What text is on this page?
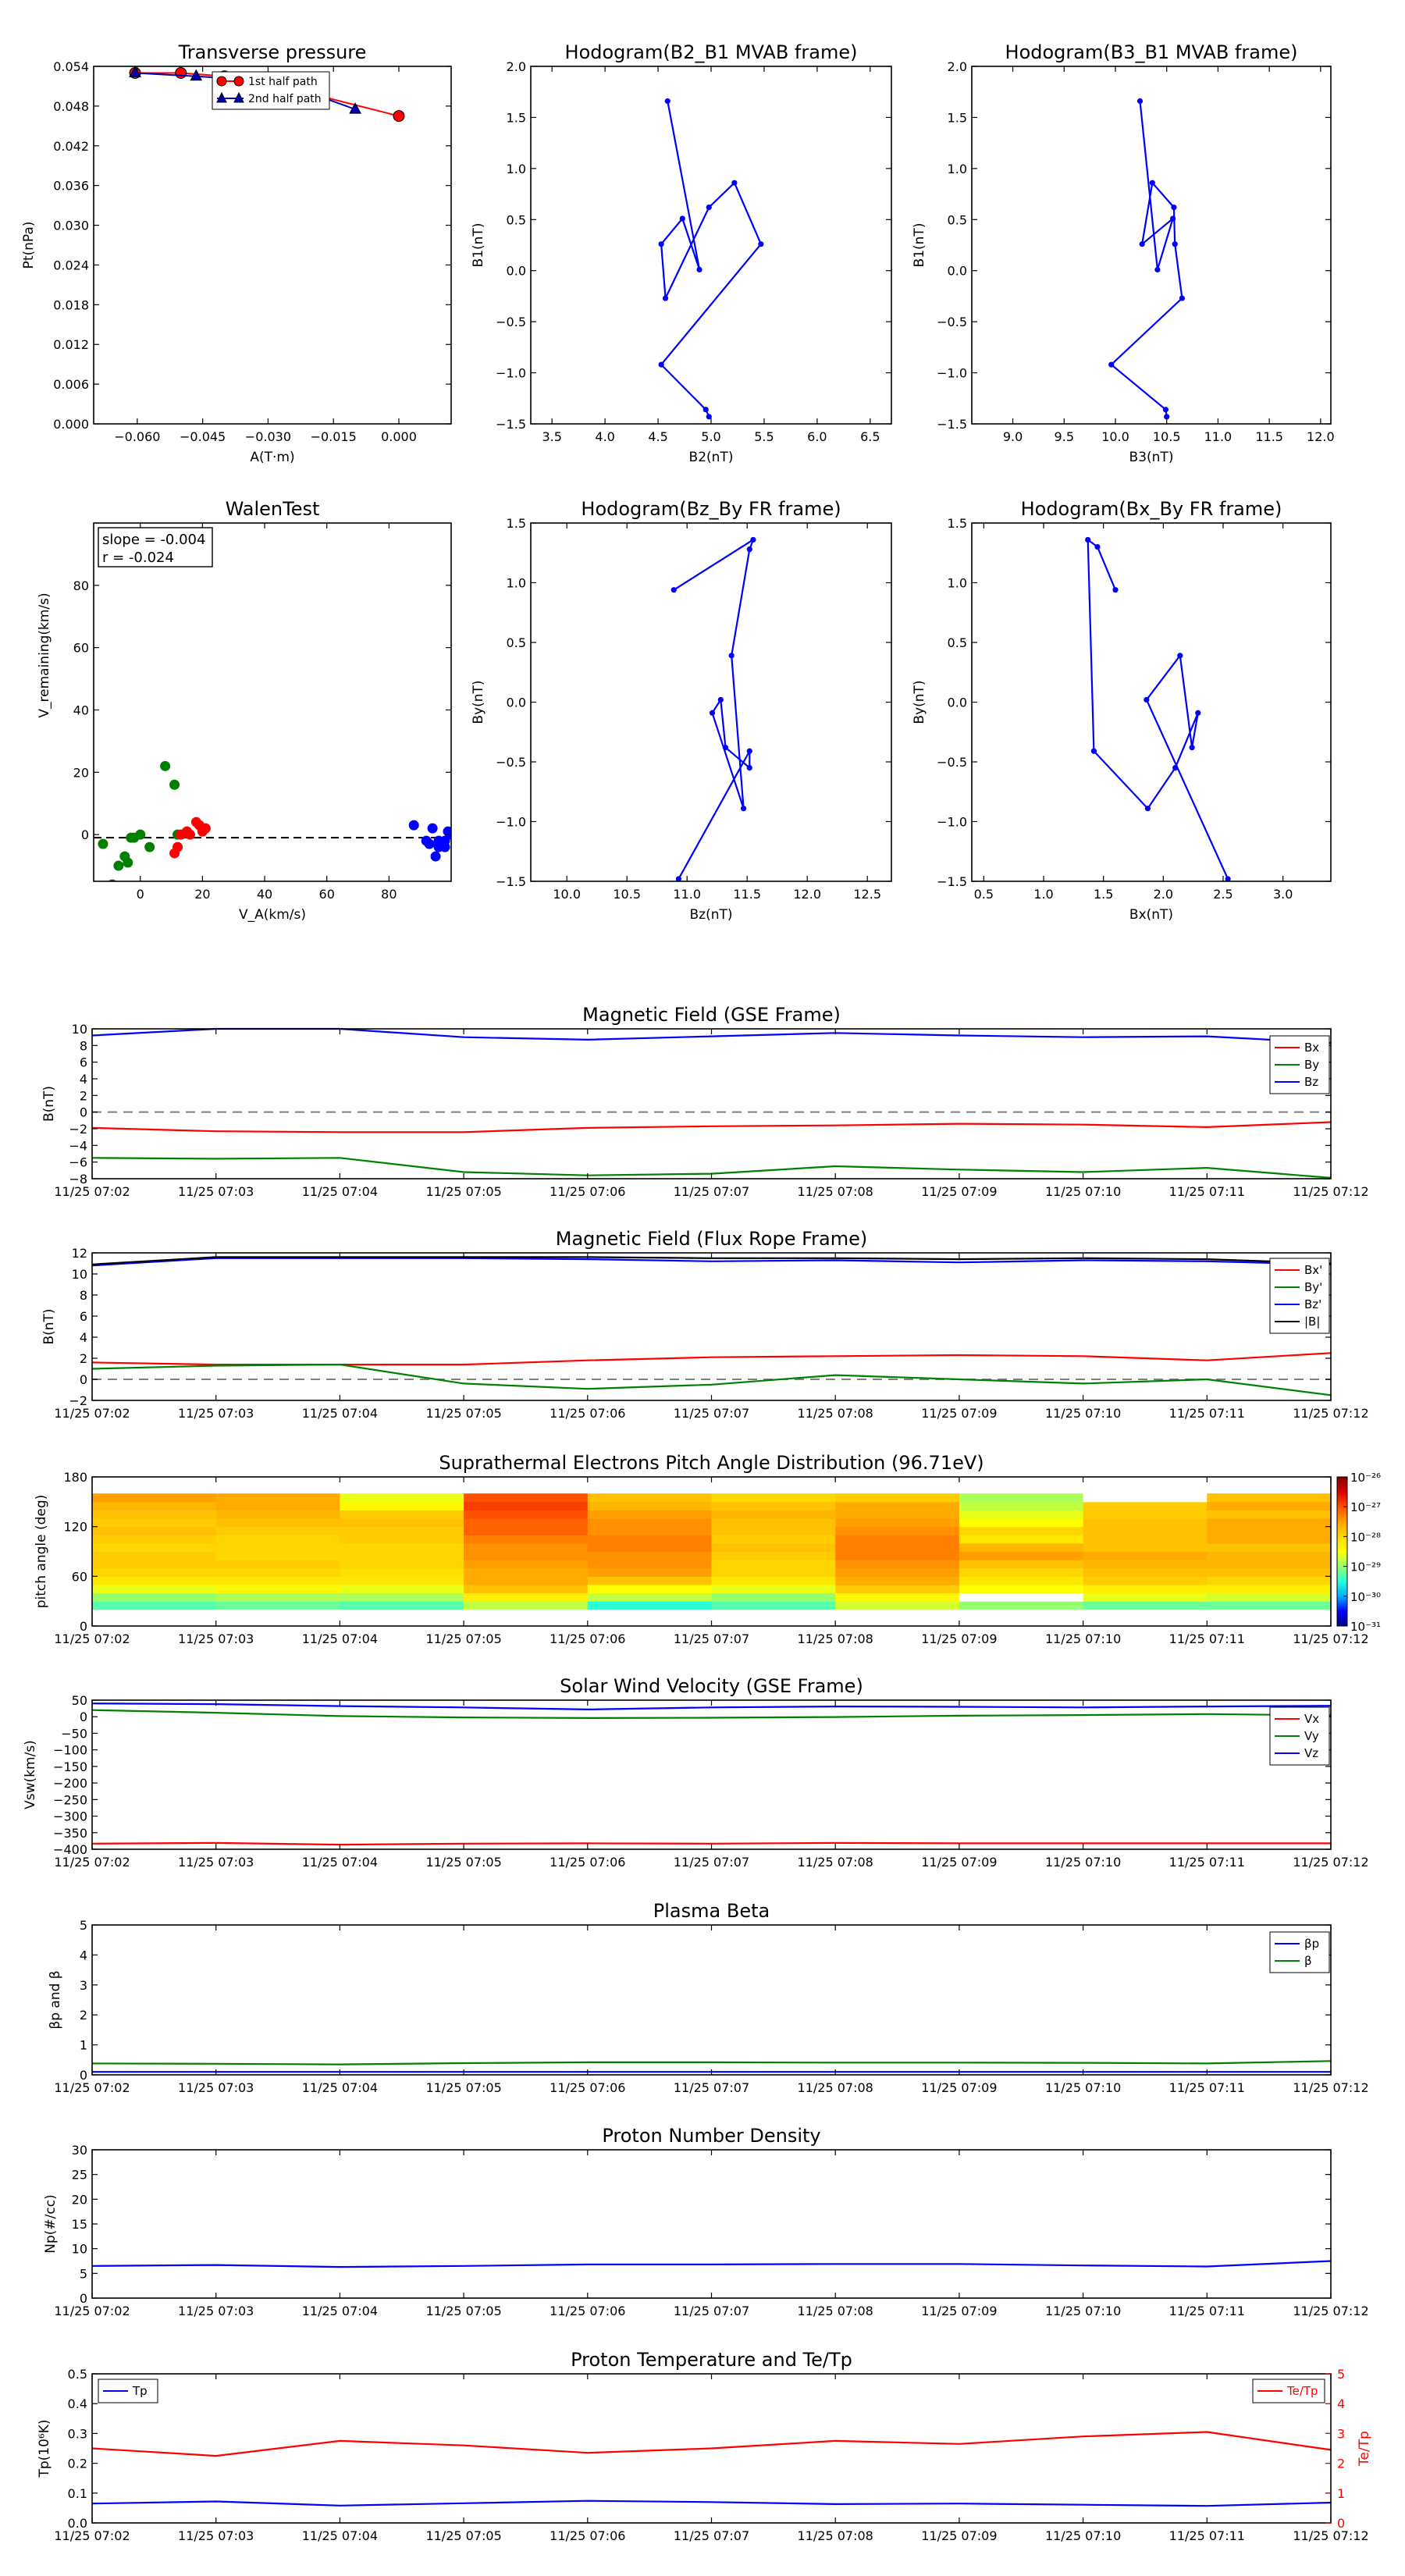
Transverse pressure
−0.060 −0.045 −0.030 −0.015 0.000
0.000
0.006
0.012
0.018
0.024
0.030
0.036
0.042
0.048
0.054
A(T·m)
Pt(nPa)
1st half path
2nd half path
Hodogram(B2_B1 MVAB frame)
3.5	4.0	4.5	5.0	5.5	6.0	6.5
−1.5
−1.0
−0.5
0.0
0.5
1.0
1.5
2.0
B2(nT)
B1(nT)
Hodogram(B3_B1 MVAB frame)
9.0	9.5 10.0 10.5 11.0 11.5 12.0
−1.5
−1.0
−0.5
0.0
0.5
1.0
1.5
2.0
B3(nT)
B1(nT)
WalenTest
0	20	40	60	80
0
20
40
60
80
V_A(km/s)
V_remaining(km/s)
slope = -0.004
r = -0.024
Hodogram(Bz_By FR frame)
10.0	10.5	11.0	11.5	12.0	12.5
−1.5
−1.0
−0.5
0.0
0.5
1.0
1.5
Bz(nT)
By(nT)
Hodogram(Bx_By FR frame)
0.5	1.0	1.5	2.0	2.5	3.0
−1.5
−1.0
−0.5
0.0
0.5
1.0
1.5
Bx(nT)
By(nT)
Magnetic Field (GSE Frame)
11/25 07:02	11/25 07:03	11/25 07:04	11/25 07:05	11/25 07:06	11/25 07:07	11/25 07:08	11/25 07:09	11/25 07:10	11/25 07:11	11/25 07:12
−8
−6
−4
−2
0
2
4
6
8
10
B(nT)
Bx
By
Bz
Magnetic Field (Flux Rope Frame)
11/25 07:02	11/25 07:03	11/25 07:04	11/25 07:05	11/25 07:06	11/25 07:07	11/25 07:08	11/25 07:09	11/25 07:10	11/25 07:11	11/25 07:12
−2
0
2
4
6
8
10
12
B(nT)
Bx'
By'
Bz'
|B|
Suprathermal Electrons Pitch Angle Distribution (96.71eV)
11/25 07:02	11/25 07:03	11/25 07:04	11/25 07:05	11/25 07:06	11/25 07:07	11/25 07:08	11/25 07:09	11/25 07:10	11/25 07:11	11/25 07:12
0
60
120
180
pitch angle (deg)
10⁻²⁶
10⁻²⁷
10⁻²⁸
10⁻²⁹
10⁻³⁰
10⁻³¹
Solar Wind Velocity (GSE Frame)
11/25 07:02	11/25 07:03	11/25 07:04	11/25 07:05	11/25 07:06	11/25 07:07	11/25 07:08	11/25 07:09	11/25 07:10	11/25 07:11	11/25 07:12
−400
−350
−300
−250
−200
−150
−100
−50
0
50
Vsw(km/s)
Vx
Vy
Vz
Plasma Beta
11/25 07:02	11/25 07:03	11/25 07:04	11/25 07:05	11/25 07:06	11/25 07:07	11/25 07:08	11/25 07:09	11/25 07:10	11/25 07:11	11/25 07:12
0
1
2
3
4
5
βp and β
βp
β
Proton Number Density
11/25 07:02	11/25 07:03	11/25 07:04	11/25 07:05	11/25 07:06	11/25 07:07	11/25 07:08	11/25 07:09	11/25 07:10	11/25 07:11	11/25 07:12
0
5
10
15
20
25
30
Np(#/cc)
Proton Temperature and Te/Tp
11/25 07:02	11/25 07:03	11/25 07:04	11/25 07:05	11/25 07:06	11/25 07:07	11/25 07:08	11/25 07:09	11/25 07:10	11/25 07:11	11/25 07:12
0.0
0.1
0.2
0.3
0.4
0.5
Tp(10⁶K)
0
1
2
3
4
5
Te/Tp
Tp	Te/Tp
